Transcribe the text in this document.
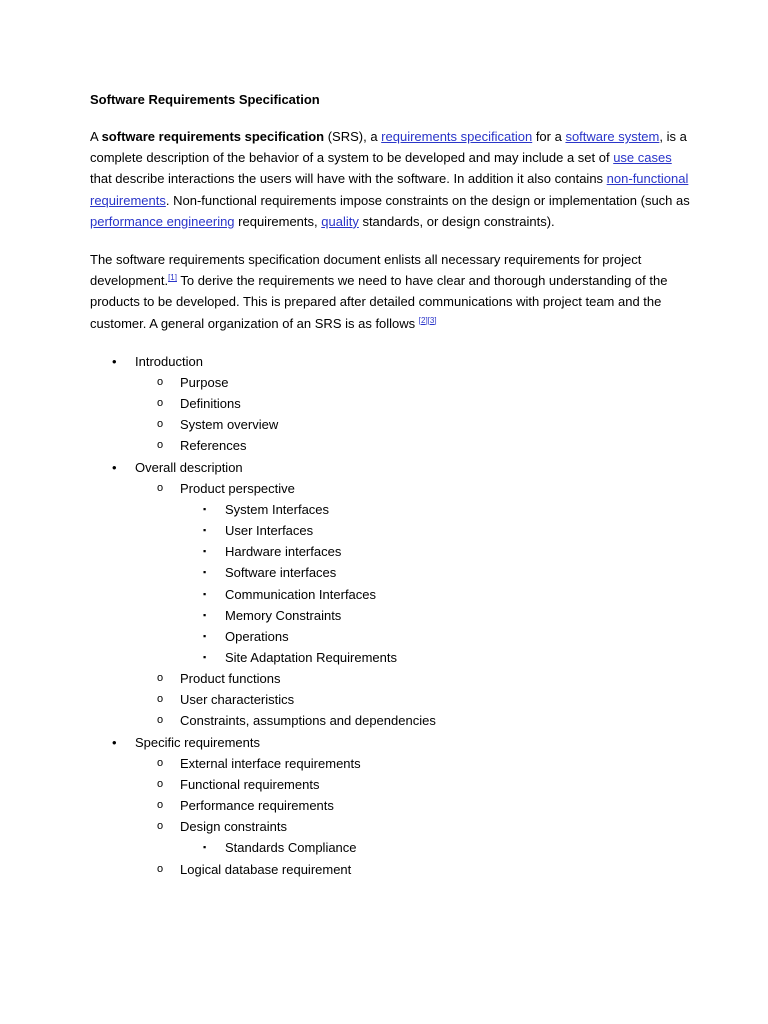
Software Requirements Specification

A software requirements specification (SRS), a requirements specification for a software system, is a complete description of the behavior of a system to be developed and may include a set of use cases that describe interactions the users will have with the software. In addition it also contains non-functional requirements. Non-functional requirements impose constraints on the design or implementation (such as performance engineering requirements, quality standards, or design constraints).

The software requirements specification document enlists all necessary requirements for project development.[1] To derive the requirements we need to have clear and thorough understanding of the products to be developed. This is prepared after detailed communications with project team and the customer. A general organization of an SRS is as follows [2][3]

• Introduction
o Purpose
o Definitions
o System overview
o References
• Overall description
o Product perspective
▪ System Interfaces
▪ User Interfaces
▪ Hardware interfaces
▪ Software interfaces
▪ Communication Interfaces
▪ Memory Constraints
▪ Operations
▪ Site Adaptation Requirements
o Product functions
o User characteristics
o Constraints, assumptions and dependencies
• Specific requirements
o External interface requirements
o Functional requirements
o Performance requirements
o Design constraints
▪ Standards Compliance
o Logical database requirement
